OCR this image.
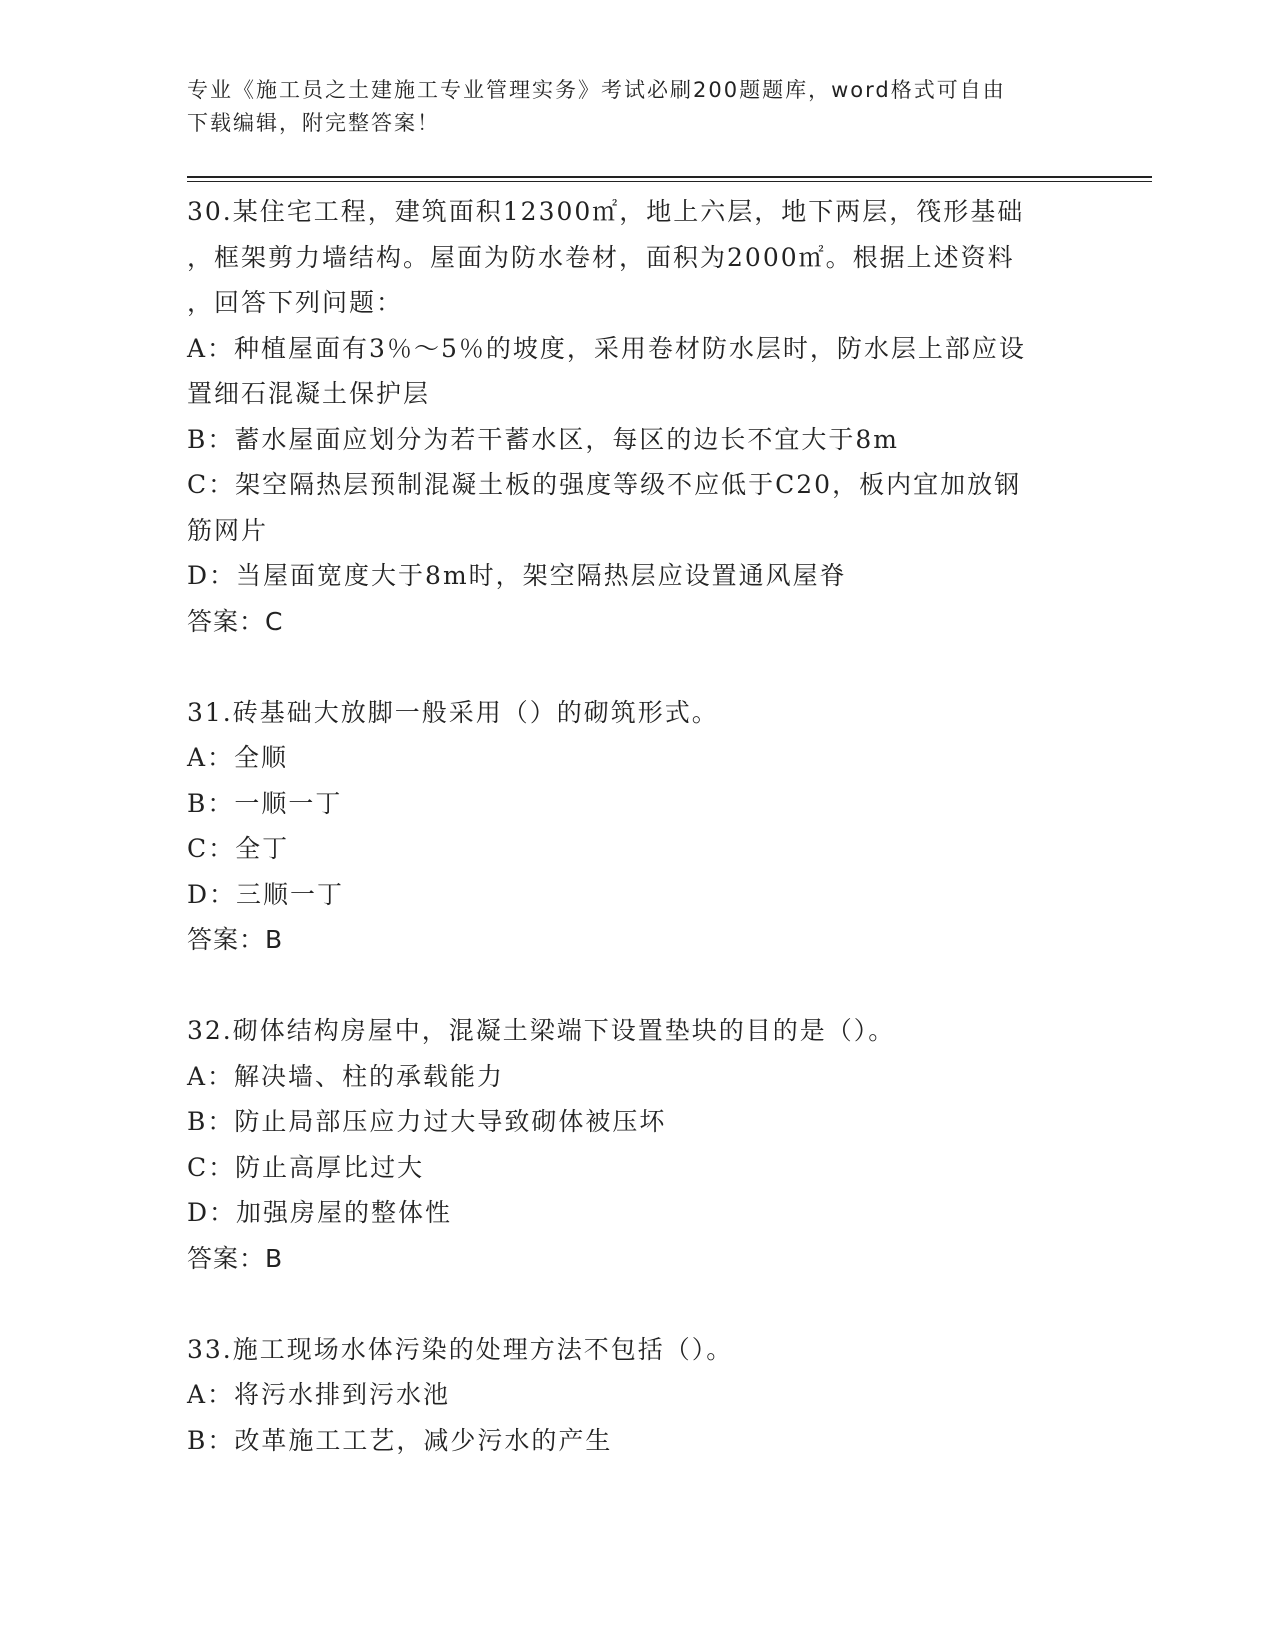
专业《施工员之土建施工专业管理实务》考试必刷200题题库，word格式可自由
下载编辑，附完整答案！
30.某住宅工程，建筑面积12300㎡，地上六层，地下两层，筏形基础
，框架剪力墙结构。屋面为防水卷材，面积为2000㎡。根据上述资料
，回答下列问题：
A：种植屋面有3％～5％的坡度，采用卷材防水层时，防水层上部应设
置细石混凝土保护层
B：蓄水屋面应划分为若干蓄水区，每区的边长不宜大于8m
C：架空隔热层预制混凝土板的强度等级不应低于C20，板内宜加放钢
筋网片
D：当屋面宽度大于8m时，架空隔热层应设置通风屋脊
答案：C
31.砖基础大放脚一般采用（）的砌筑形式。
A：全顺
B：一顺一丁
C：全丁
D：三顺一丁
答案：B
32.砌体结构房屋中，混凝土梁端下设置垫块的目的是（）。
A：解决墙、柱的承载能力
B：防止局部压应力过大导致砌体被压坏
C：防止高厚比过大
D：加强房屋的整体性
答案：B
33.施工现场水体污染的处理方法不包括（）。
A：将污水排到污水池
B：改革施工工艺，减少污水的产生
